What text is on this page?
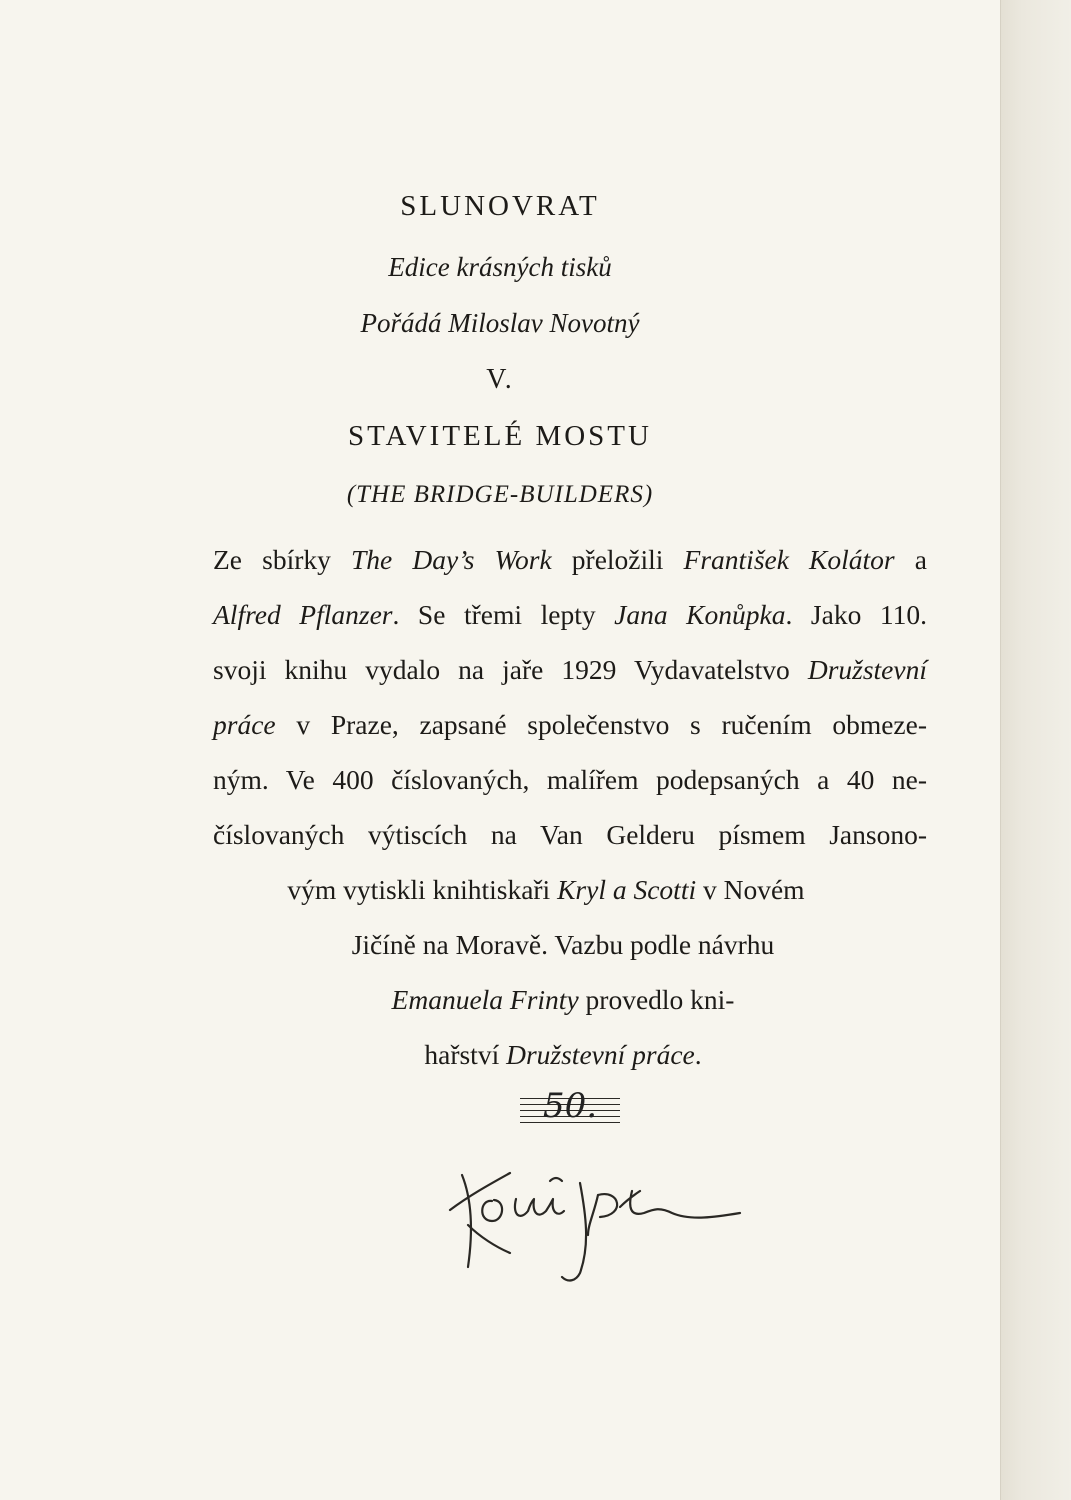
SLUNOVRAT
Edice krásných tisků
Pořádá Miloslav Novotný
V.
STAVITELÉ MOSTU
(THE BRIDGE-BUILDERS)
Ze sbírky The Day’s Work přeložili František Kolátor a
Alfred Pflanzer. Se třemi lepty Jana Konůpka. Jako 110.
svoji knihu vydalo na jaře 1929 Vydavatelstvo Družstevní
práce v Praze, zapsané společenstvo s ručením obmeze-
ným. Ve 400 číslovaných, malířem podepsaných a 40 ne-
číslovaných výtiscích na Van Gelderu písmem Jansono-
vým vytiskli knihtiskaři Kryl a Scotti v Novém
Jičíně na Moravě. Vazbu podle návrhu
Emanuela Frinty provedlo kni-
hařství Družstevní práce.
50.
